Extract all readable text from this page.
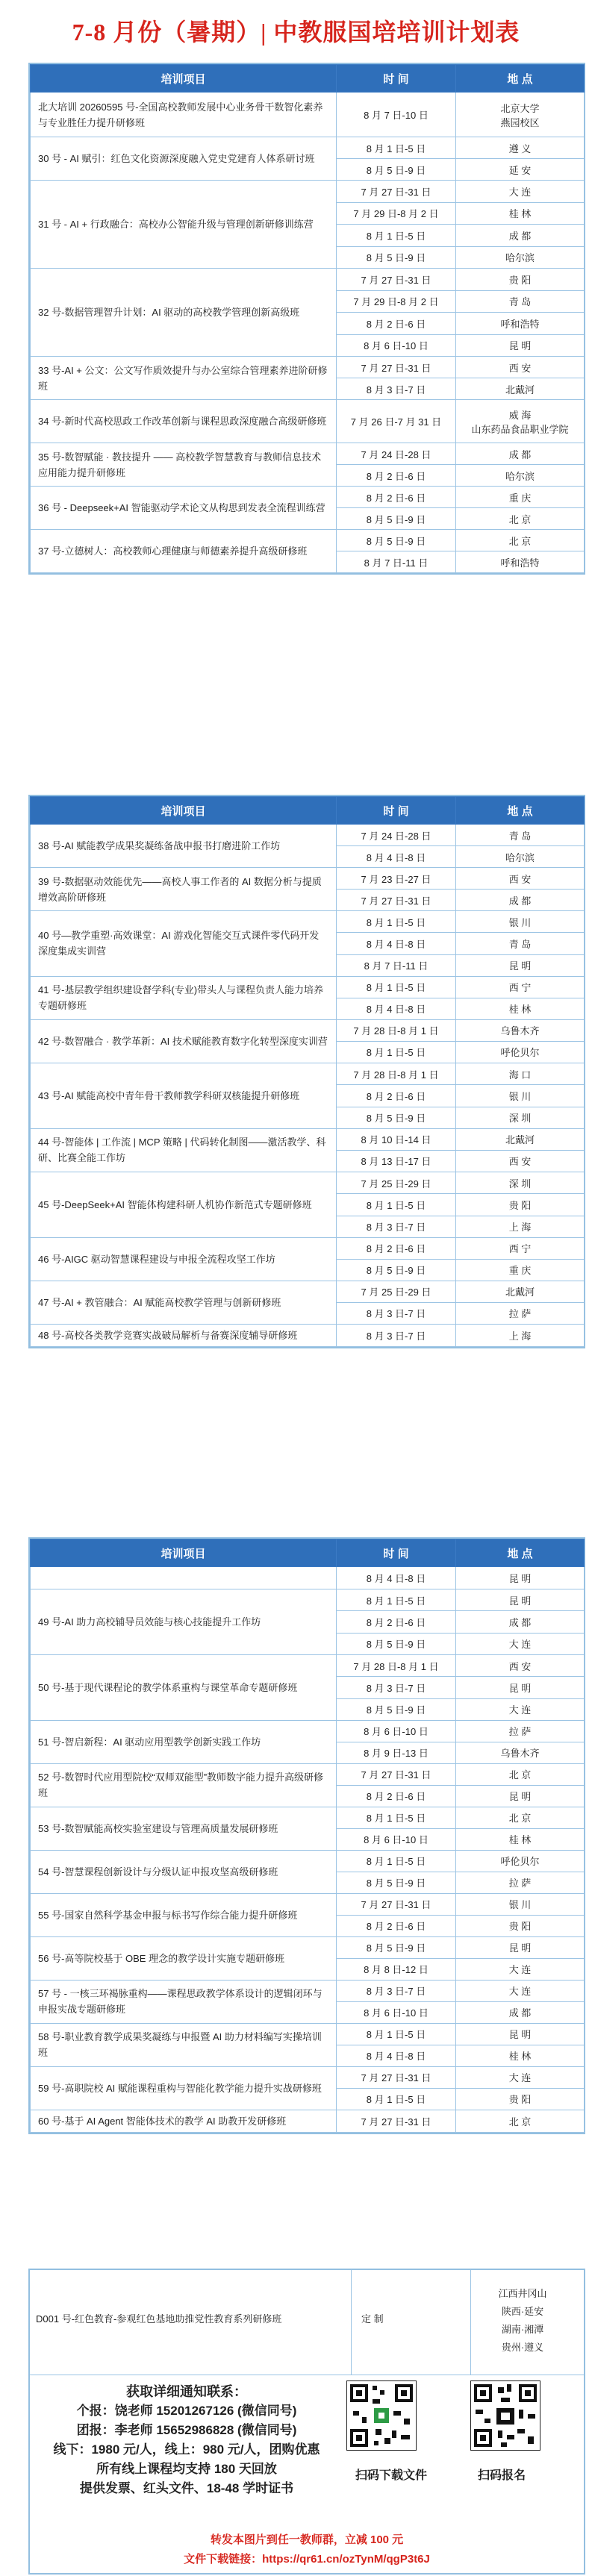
7-8 月份（暑期）| 中教服国培培训计划表
培训项目	时 间	地 点
北大培训 20260595 号-全国高校教师发展中心业务骨干数智化素养 与专业胜任力提升研修班	8 月 7 日-10 日	北京大学
燕园校区

30 号 - AI 赋引：红色文化资源深度融入党史党建育人体系研讨班	8 月 1 日-5 日	遵 义
	8 月 5 日-9 日	延 安
31 号 - AI + 行政融合：高校办公智能升级与管理创新研修训练营	7 月 27 日-31 日	大 连
	7 月 29 日-8 月 2 日	桂 林
	8 月 1 日-5 日	成 都
	8 月 5 日-9 日	哈尔滨
32 号-数据管理智升计划：AI 驱动的高校教学管理创新高级班	7 月 27 日-31 日	贵 阳
	7 月 29 日-8 月 2 日	青 岛
	8 月 2 日-6 日	呼和浩特
	8 月 6 日-10 日	昆 明
33 号-AI + 公文：公文写作质效提升与办公室综合管理素养进阶研修班	7 月 27 日-31 日	西 安
	8 月 3 日-7 日	北戴河
34 号-新时代高校思政工作改革创新与课程思政深度融合高级研修班	7 月 26 日-7 月 31 日	威 海
山东药品食品职业学院

35 号-数智赋能 · 教技提升 —— 高校教学智慧教育与教师信息技术应用能力提升研修班	7 月 24 日-28 日	成 都
	8 月 2 日-6 日	哈尔滨
36 号 - Deepseek+AI 智能驱动学术论文从构思到发表全流程训练营	8 月 2 日-6 日	重 庆
	8 月 5 日-9 日	北 京
37 号-立德树人：高校教师心理健康与师德素养提升高级研修班	8 月 5 日-9 日	北 京
	8 月 7 日-11 日	呼和浩特
培训项目	时 间	地 点
38 号-AI 赋能教学成果奖凝练备战申报书打磨进阶工作坊	7 月 24 日-28 日	青 岛
	8 月 4 日-8 日	哈尔滨
39 号-数据驱动效能优先——高校人事工作者的 AI 数据分析与提质增效高阶研修班	7 月 23 日-27 日	西 安
	7 月 27 日-31 日	成 都
40 号—教学重塑·高效课堂：AI 游戏化智能交互式课件零代码开发深度集成实训营	8 月 1 日-5 日	银 川
	8 月 4 日-8 日	青 岛
	8 月 7 日-11 日	昆 明
41 号-基层教学组织建设督学科(专业)带头人与课程负责人能力培养专题研修班	8 月 1 日-5 日	西 宁
	8 月 4 日-8 日	桂 林
42 号-数智融合 · 教学革新：AI 技术赋能教育数字化转型深度实训营	7 月 28 日-8 月 1 日	乌鲁木齐
	8 月 1 日-5 日	呼伦贝尔
43 号-AI 赋能高校中青年骨干教师教学科研双核能提升研修班	7 月 28 日-8 月 1 日	海 口
	8 月 2 日-6 日	银 川
	8 月 5 日-9 日	深 圳
44 号-智能体 | 工作流 | MCP 策略 | 代码转化制图——激活教学、科研、比赛全能工作坊	8 月 10 日-14 日	北戴河
	8 月 13 日-17 日	西 安
45 号-DeepSeek+AI 智能体构建科研人机协作新范式专题研修班	7 月 25 日-29 日	深 圳
	8 月 1 日-5 日	贵 阳
	8 月 3 日-7 日	上 海
46 号-AIGC 驱动智慧课程建设与申报全流程攻坚工作坊	8 月 2 日-6 日	西 宁
	8 月 5 日-9 日	重 庆
47 号-AI + 教管融合：AI 赋能高校教学管理与创新研修班	7 月 25 日-29 日	北戴河
	8 月 3 日-7 日	拉 萨
48 号-高校各类教学竞赛实战破局解析与备赛深度辅导研修班	8 月 3 日-7 日	上 海
培训项目	时 间	地 点
	8 月 4 日-8 日	昆 明
49 号-AI 助力高校辅导员效能与核心技能提升工作坊	8 月 1 日-5 日	昆 明
	8 月 2 日-6 日	成 都
	8 月 5 日-9 日	大 连
50 号-基于现代课程论的教学体系重构与课堂革命专题研修班	7 月 28 日-8 月 1 日	西 安
	8 月 3 日-7 日	昆 明
	8 月 5 日-9 日	大 连
51 号-智启新程：AI 驱动应用型教学创新实践工作坊	8 月 6 日-10 日	拉 萨
	8 月 9 日-13 日	乌鲁木齐
52 号-数智时代应用型院校“双师双能型”教师数字能力提升高级研修班	7 月 27 日-31 日	北 京
	8 月 2 日-6 日	昆 明
53 号-数智赋能高校实验室建设与管理高质量发展研修班	8 月 1 日-5 日	北 京
	8 月 6 日-10 日	桂 林
54 号-智慧课程创新设计与分级认证申报攻坚高级研修班	8 月 1 日-5 日	呼伦贝尔
	8 月 5 日-9 日	拉 萨
55 号-国家自然科学基金申报与标书写作综合能力提升研修班	7 月 27 日-31 日	银 川
	8 月 2 日-6 日	贵 阳
56 号-高等院校基于 OBE 理念的教学设计实施专题研修班	8 月 5 日-9 日	昆 明
	8 月 8 日-12 日	大 连
57 号 - 一核三环褐脉重构——课程思政教学体系设计的逻辑闭环与申报实战专题研修班	8 月 3 日-7 日	大 连
	8 月 6 日-10 日	成 都
58 号-职业教育教学成果奖凝练与申报暨 AI 助力材料编写实操培训班	8 月 1 日-5 日	昆 明
	8 月 4 日-8 日	桂 林
59 号-高职院校 AI 赋能课程重构与智能化教学能力提升实战研修班	7 月 27 日-31 日	大 连
	8 月 1 日-5 日	贵 阳
60 号-基于 AI Agent 智能体技术的教学 AI 助教开发研修班	7 月 27 日-31 日	北 京
D001 号-红色教育-参观红色基地助推党性教育系列研修班	定 制
江西井冈山
陕西·延安
湖南·湘潭
贵州·遵义
获取详细通知联系：
个报：饶老师 15201267126 (微信同号)
团报：李老师 15652986828 (微信同号)
线下：1980 元/人，线上：980 元/人，团购优惠
所有线上课程均支持 180 天回放
提供发票、红头文件、18-48 学时证书
扫码下载文件	扫码报名
转发本图片到任一教师群，立减 100 元
文件下载链接：https://qr61.cn/ozTynM/qgP3t6J
